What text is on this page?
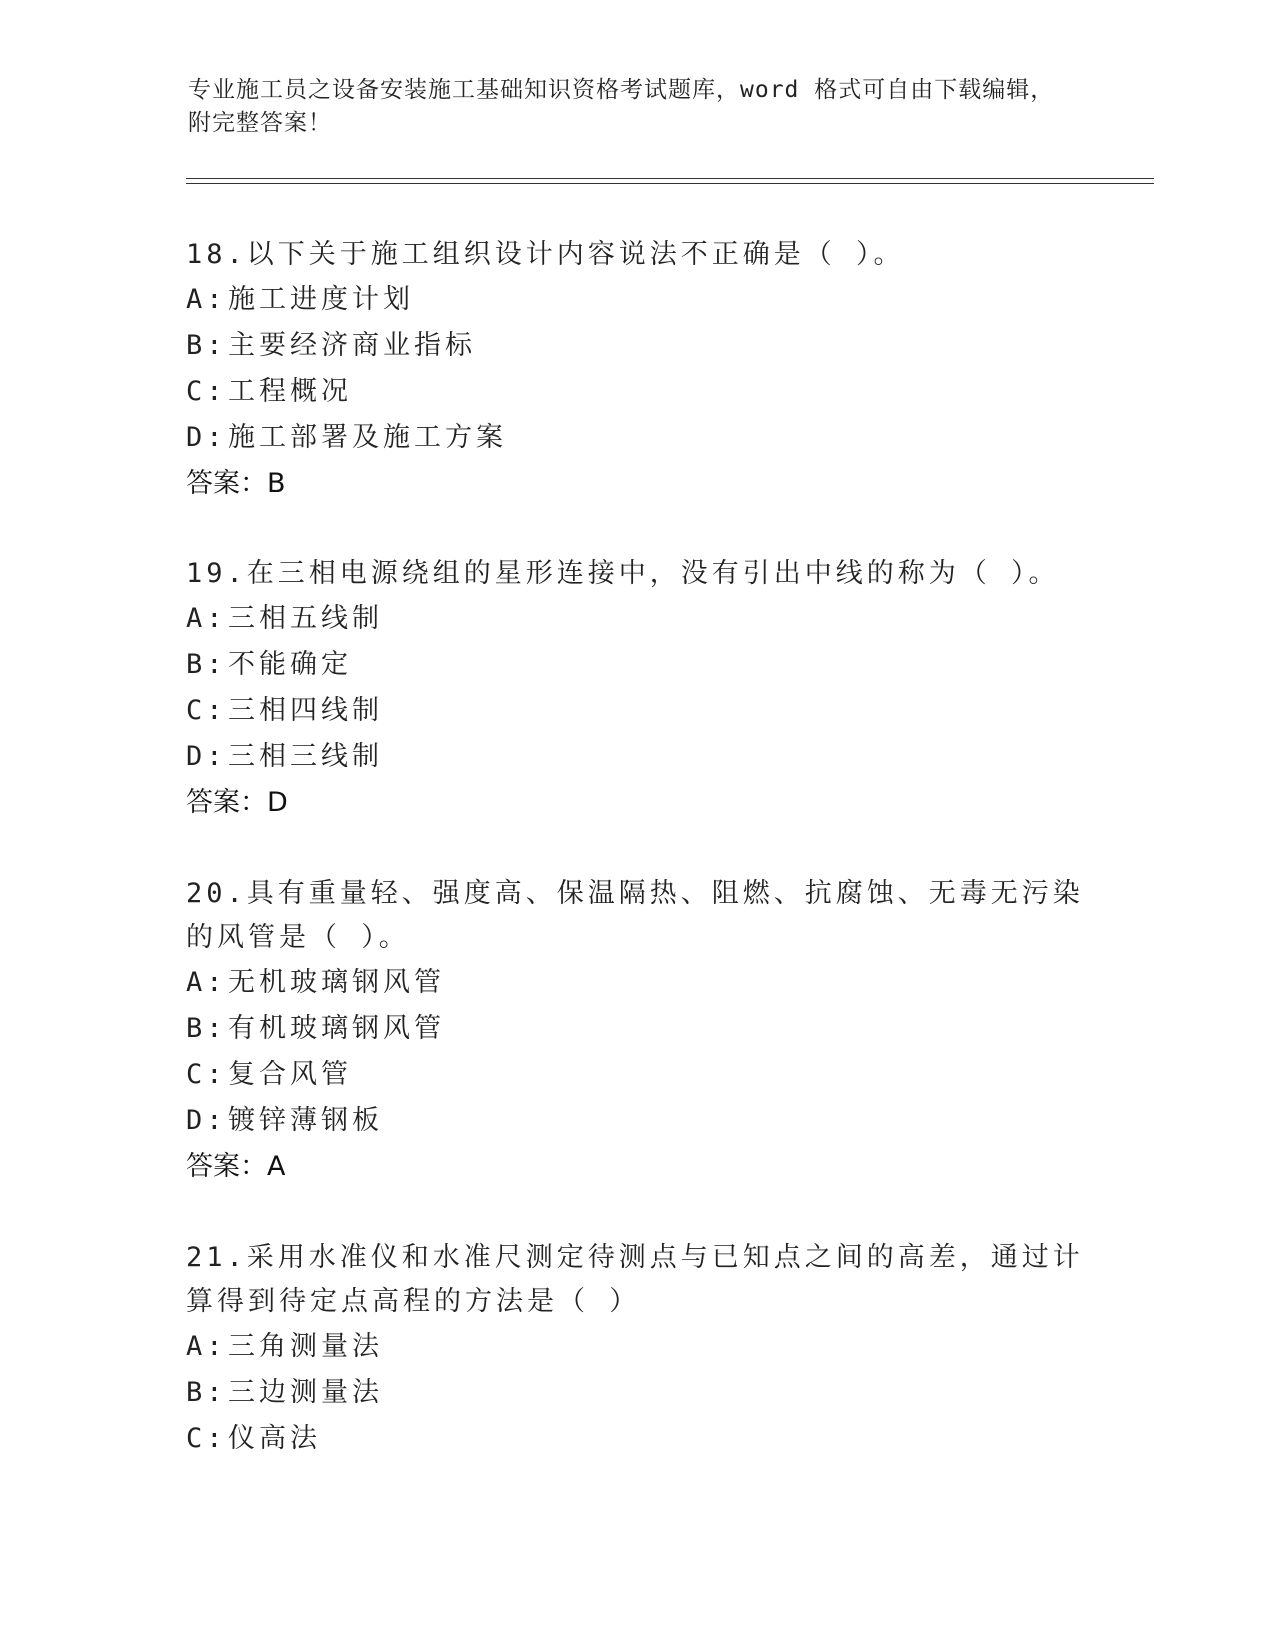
专业施工员之设备安装施工基础知识资格考试题库，word 格式可自由下载编辑，
附完整答案！

18.以下关于施工组织设计内容说法不正确是（ ）。

A:施工进度计划
B:主要经济商业指标
C:工程概况
D:施工部署及施工方案
答案：B

19.在三相电源绕组的星形连接中，没有引出中线的称为（ ）。

A:三相五线制
B:不能确定
C:三相四线制
D:三相三线制
答案：D

20.具有重量轻、强度高、保温隔热、阻燃、抗腐蚀、无毒无污染的风管是（ ）。

A:无机玻璃钢风管
B:有机玻璃钢风管
C:复合风管
D:镀锌薄钢板
答案：A

21.采用水准仪和水准尺测定待测点与已知点之间的高差，通过计算得到待定点高程的方法是（ ）

A:三角测量法
B:三边测量法
C:仪高法
